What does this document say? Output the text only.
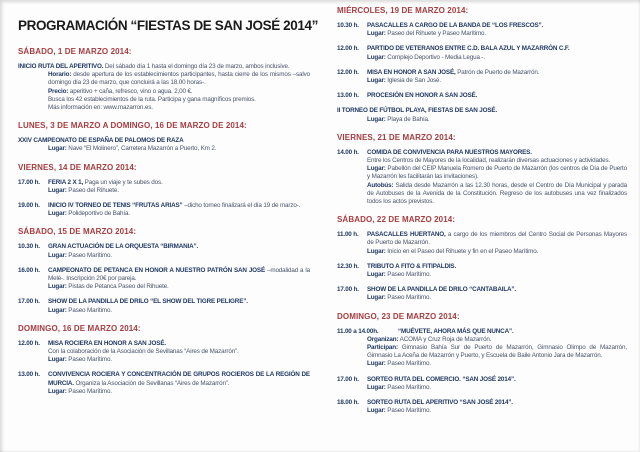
PROGRAMACIÓN “FIESTAS DE SAN JOSÉ 2014”
SÁBADO, 1 DE MARZO 2014:
INICIO RUTA DEL APERITIVO. Del sábado día 1 hasta el domingo día 23 de marzo, ambos inclusive.
Horario: desde apertura de los establecimientos participantes, hasta cierre de los mismos –salvo domingo día 23 de marzo, que concluirá a las 18.00 horas-.
Precio: aperitivo + caña, refresco, vino o agua. 2,00 €.
Busca los 42 establecimientos de la ruta. Participa y gana magníficos premios.
Más información en: www.mazarron.es.
LUNES, 3 DE MARZO A DOMINGO, 16 DE MARZO DE 2014:
XXIV CAMPEONATO DE ESPAÑA DE PALOMOS DE RAZA
Lugar: Nave “El Molinero”, Carretera Mazarrón a Puerto, Km 2.
VIERNES, 14 DE MARZO 2014:
17.00 h. FERIA 2 X 1, Paga un viaje y te subes dos.
Lugar: Paseo del Rihuete.
19.00 h. INICIO IV TORNEO DE TENIS “FRUTAS ARIAS” –dicho torneo finalizará el día 19 de marzo-.
Lugar: Polideportivo de Bahía.
SÁBADO, 15 DE MARZO 2014:
10.30 h. GRAN ACTUACIÓN DE LA ORQUESTA “BIRMANIA”.
Lugar: Paseo Marítimo.
16.00 h. CAMPEONATO DE PETANCA EN HONOR A NUESTRO PATRÓN SAN JOSÉ –modalidad a la Melé-. Inscripción 20€ por pareja.
Lugar: Pistas de Petanca Paseo del Rihuete.
17.00 h. SHOW DE LA PANDILLA DE DRILO “EL SHOW DEL TIGRE PELIGRE”.
Lugar: Paseo Marítimo.
DOMINGO, 16 DE MARZO 2014:
12.00 h. MISA ROCIERA EN HONOR A SAN JOSÉ.
Con la colaboración de la Asociación de Sevillanas “Aires de Mazarrón”.
Lugar: Paseo Marítimo.
13.00 h. CONVIVENCIA ROCIERA Y CONCENTRACIÓN DE GRUPOS ROCIEROS DE LA REGIÓN DE MURCIA. Organiza la Asociación de Sevillanas “Aires de Mazarrón”.
Lugar: Paseo Marítimo.
MIÉRCOLES, 19 DE MARZO 2014:
10.30 h. PASACALLES A CARGO DE LA BANDA DE “LOS FRESCOS”.
Lugar: Paseo del Rihuete y Paseo Marítimo.
12.00 h. PARTIDO DE VETERANOS ENTRE C.D. BALA AZUL Y MAZARRÓN C.F.
Lugar: Complejo Deportivo - Media Legua -.
12.00 h. MISA EN HONOR A SAN JOSÉ, Patrón de Puerto de Mazarrón.
Lugar: Iglesia de San José.
13.00 h. PROCESIÓN EN HONOR A SAN JOSÉ.
II TORNEO DE FÚTBOL PLAYA, FIESTAS DE SAN JOSÉ.
Lugar: Playa de Bahía.
VIERNES, 21 DE MARZO 2014:
14.00 h. COMIDA DE CONVIVENCIA PARA NUESTROS MAYORES.
Entre los Centros de Mayores de la localidad, realizarán diversas actuaciones y actividades.
Lugar: Pabellón del CEIP Manuela Romero de Puerto de Mazarrón (los centros de Día de Puerto y Mazarrón les facilitarán las invitaciones).
Autobús: Salida desde Mazarrón a las 12.30 horas, desde el Centro de Día Municipal y parada de Autobuses de la Avenida de la Constitución. Regreso de los autobuses una vez finalizados todos los actos previstos.
SÁBADO, 22 DE MARZO 2014:
11.00 h. PASACALLES HUERTANO, a cargo de los miembros del Centro Social de Personas Mayores de Puerto de Mazarrón.
Lugar: Inicio en el Paseo del Rihuete y fin en el Paseo Marítimo.
12.30 h. TRIBUTO A FITO & FITIPALDIS.
Lugar: Paseo Marítimo.
17.00 h. SHOW DE LA PANDILLA DE DRILO “CANTABAILA”.
Lugar: Paseo Marítimo.
DOMINGO, 23 DE MARZO 2014:
11.00 a 14.00h.	“MUÉVETE, AHORA MÁS QUE NUNCA”.
Organizan: ACOMA y Cruz Roja de Mazarrón.
Participan: Gimnasio Bahía Sur de Puerto de Mazarrón, Gimnasio Olimpo de Mazarrón, Gimnasio La Aceña de Mazarrón y Puerto, y Escuela de Baile Antonio Jara de Mazarrón.
Lugar: Paseo Marítimo.
17.00 h. SORTEO RUTA DEL COMERCIO. “SAN JOSÉ 2014”.
Lugar: Paseo Marítimo.
18.00 h. SORTEO RUTA DEL APERITIVO “SAN JOSÉ 2014”.
Lugar: Paseo Marítimo.
